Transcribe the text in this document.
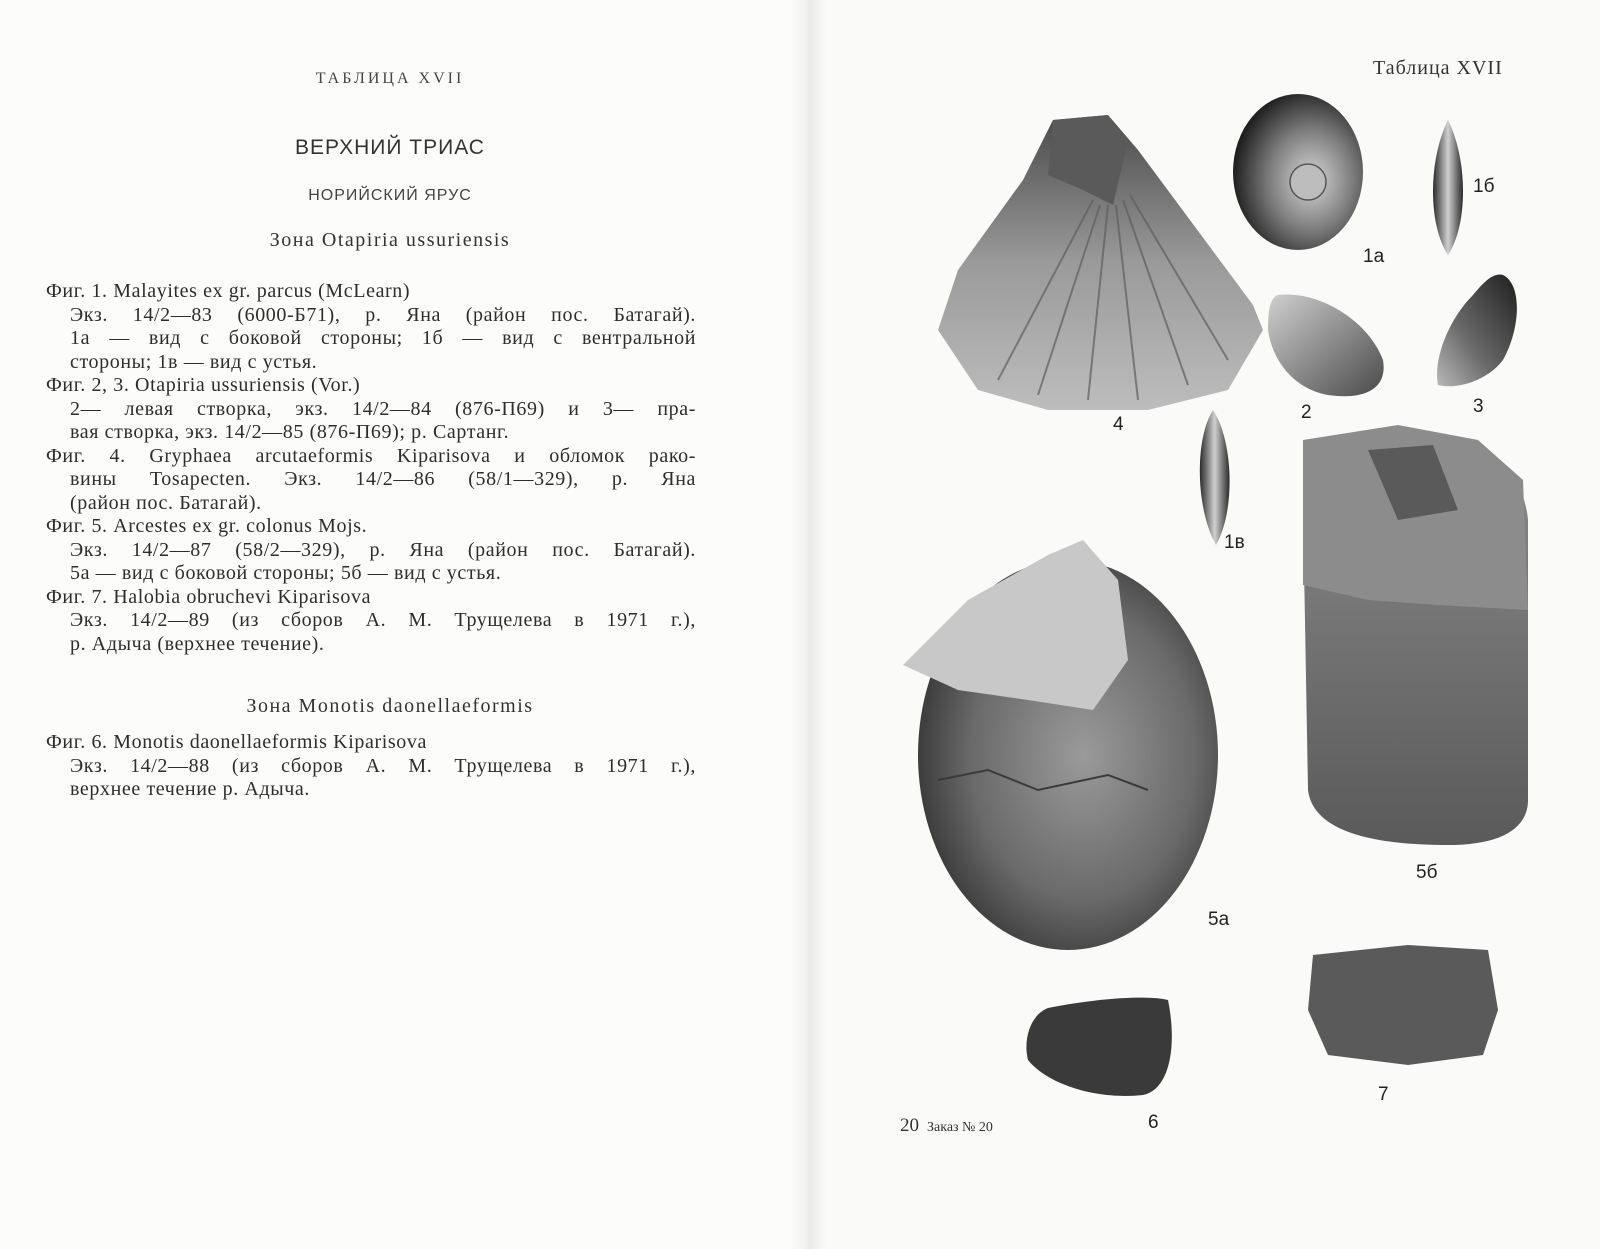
ТАБЛИЦА XVII
ВЕРХНИЙ ТРИАС
НОРИЙСКИЙ ЯРУС
Зона Otapiria ussuriensis
Фиг. 1. Malayites ex gr. parcus (McLearn)
Экз. 14/2—83 (6000-Б71), р. Яна (район пос. Батагай).
1а — вид с боковой стороны; 1б — вид с вентральной
стороны; 1в — вид с устья.
Фиг. 2, 3. Otapiria ussuriensis (Vor.)
2— левая створка, экз. 14/2—84 (876-П69) и 3— пра-
вая створка, экз. 14/2—85 (876-П69); р. Сартанг.
Фиг. 4. Gryphaea arcutaeformis Kiparisova и обломок рако-
вины Tosapecten. Экз. 14/2—86 (58/1—329), р. Яна
(район пос. Батагай).
Фиг. 5. Arcestes ex gr. colonus Mojs.
Экз. 14/2—87 (58/2—329), р. Яна (район пос. Батагай).
5а — вид с боковой стороны; 5б — вид с устья.
Фиг. 7. Halobia obruchevi Kiparisova
Экз. 14/2—89 (из сборов А. М. Трущелева в 1971 г.),
р. Адыча (верхнее течение).
Зона Monotis daonellaeformis
Фиг. 6. Monotis daonellaeformis Kiparisova
Экз. 14/2—88 (из сборов А. М. Трущелева в 1971 г.),
верхнее течение р. Адыча.
Таблица XVII
1а
1б
1в
2	3
4
5а
5б
6
7
20 Заказ № 20
